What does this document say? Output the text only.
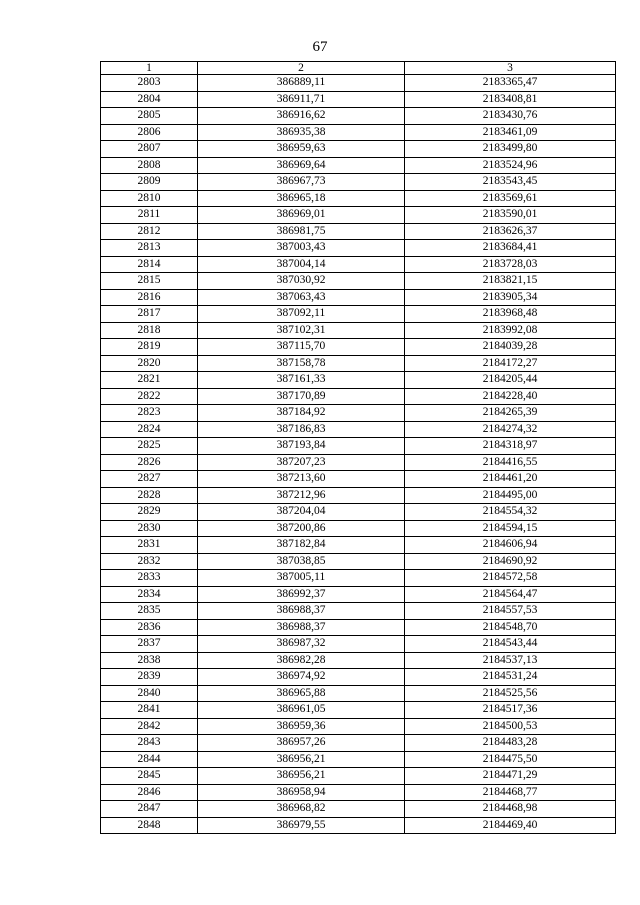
67
1	2	3
2803	386889,11	2183365,47
2804	386911,71	2183408,81
2805	386916,62	2183430,76
2806	386935,38	2183461,09
2807	386959,63	2183499,80
2808	386969,64	2183524,96
2809	386967,73	2183543,45
2810	386965,18	2183569,61
2811	386969,01	2183590,01
2812	386981,75	2183626,37
2813	387003,43	2183684,41
2814	387004,14	2183728,03
2815	387030,92	2183821,15
2816	387063,43	2183905,34
2817	387092,11	2183968,48
2818	387102,31	2183992,08
2819	387115,70	2184039,28
2820	387158,78	2184172,27
2821	387161,33	2184205,44
2822	387170,89	2184228,40
2823	387184,92	2184265,39
2824	387186,83	2184274,32
2825	387193,84	2184318,97
2826	387207,23	2184416,55
2827	387213,60	2184461,20
2828	387212,96	2184495,00
2829	387204,04	2184554,32
2830	387200,86	2184594,15
2831	387182,84	2184606,94
2832	387038,85	2184690,92
2833	387005,11	2184572,58
2834	386992,37	2184564,47
2835	386988,37	2184557,53
2836	386988,37	2184548,70
2837	386987,32	2184543,44
2838	386982,28	2184537,13
2839	386974,92	2184531,24
2840	386965,88	2184525,56
2841	386961,05	2184517,36
2842	386959,36	2184500,53
2843	386957,26	2184483,28
2844	386956,21	2184475,50
2845	386956,21	2184471,29
2846	386958,94	2184468,77
2847	386968,82	2184468,98
2848	386979,55	2184469,40
